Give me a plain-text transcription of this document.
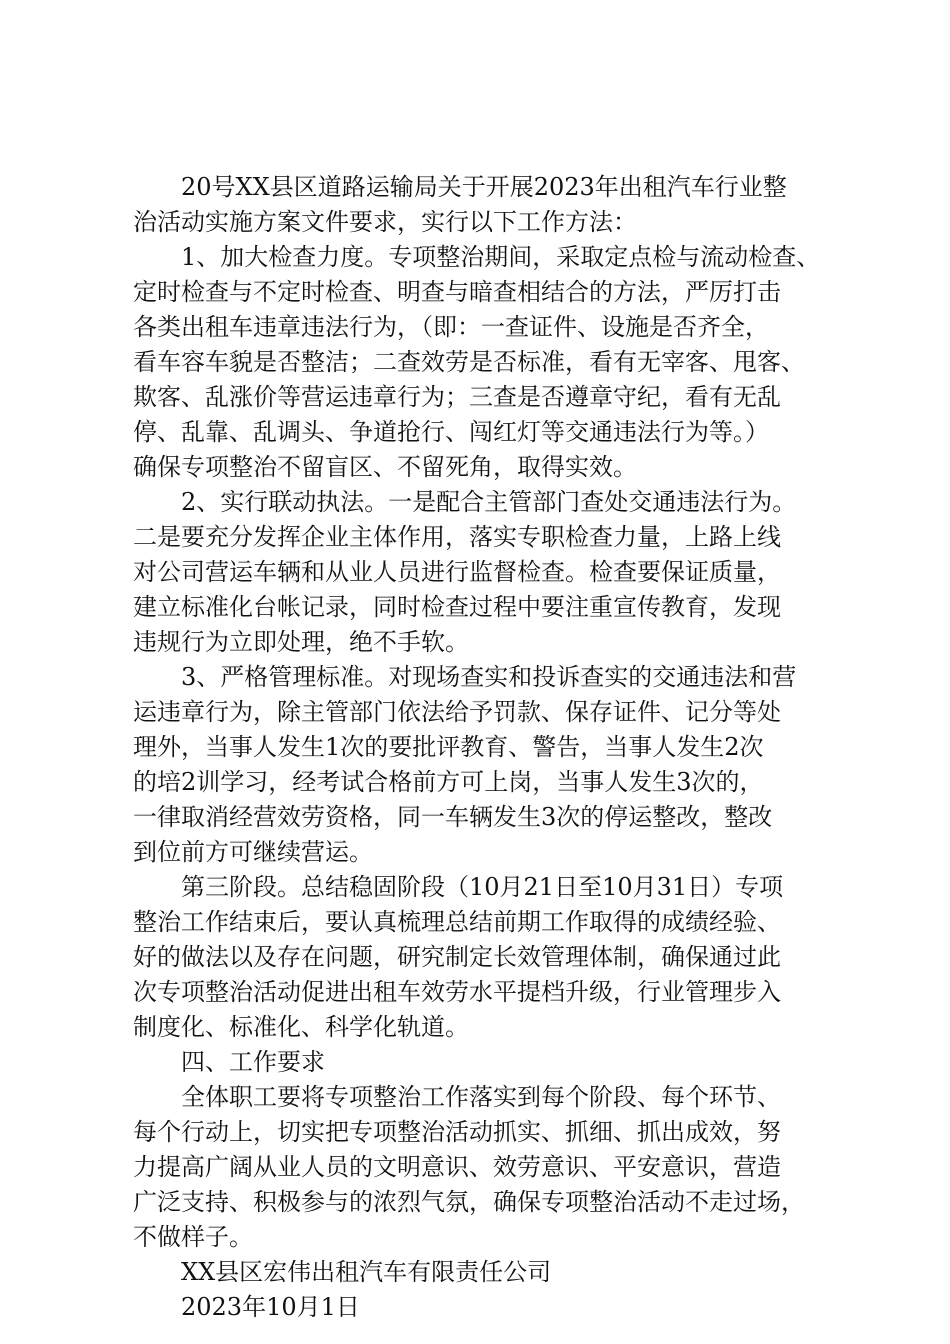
20号XX县区道路运输局关于开展2023年出租汽车行业整
治活动实施方案文件要求，实行以下工作方法：
1、加大检查力度。专项整治期间，采取定点检与流动检查、
定时检查与不定时检查、明查与暗查相结合的方法，严厉打击
各类出租车违章违法行为，（即：一查证件、设施是否齐全，
看车容车貌是否整洁；二查效劳是否标准，看有无宰客、甩客、
欺客、乱涨价等营运违章行为；三查是否遵章守纪，看有无乱
停、乱靠、乱调头、争道抢行、闯红灯等交通违法行为等。）
确保专项整治不留盲区、不留死角，取得实效。
2、实行联动执法。一是配合主管部门查处交通违法行为。
二是要充分发挥企业主体作用，落实专职检查力量，上路上线
对公司营运车辆和从业人员进行监督检查。检查要保证质量，
建立标准化台帐记录，同时检查过程中要注重宣传教育，发现
违规行为立即处理，绝不手软。
3、严格管理标准。对现场查实和投诉查实的交通违法和营
运违章行为，除主管部门依法给予罚款、保存证件、记分等处
理外，当事人发生1次的要批评教育、警告，当事人发生2次
的培2训学习，经考试合格前方可上岗，当事人发生3次的，
一律取消经营效劳资格，同一车辆发生3次的停运整改，整改
到位前方可继续营运。
第三阶段。总结稳固阶段（10月21日至10月31日）专项
整治工作结束后，要认真梳理总结前期工作取得的成绩经验、
好的做法以及存在问题，研究制定长效管理体制，确保通过此
次专项整治活动促进出租车效劳水平提档升级，行业管理步入
制度化、标准化、科学化轨道。
四、工作要求
全体职工要将专项整治工作落实到每个阶段、每个环节、
每个行动上，切实把专项整治活动抓实、抓细、抓出成效，努
力提高广阔从业人员的文明意识、效劳意识、平安意识，营造
广泛支持、积极参与的浓烈气氛，确保专项整治活动不走过场，
不做样子。
XX县区宏伟出租汽车有限责任公司
2023年10月1日
